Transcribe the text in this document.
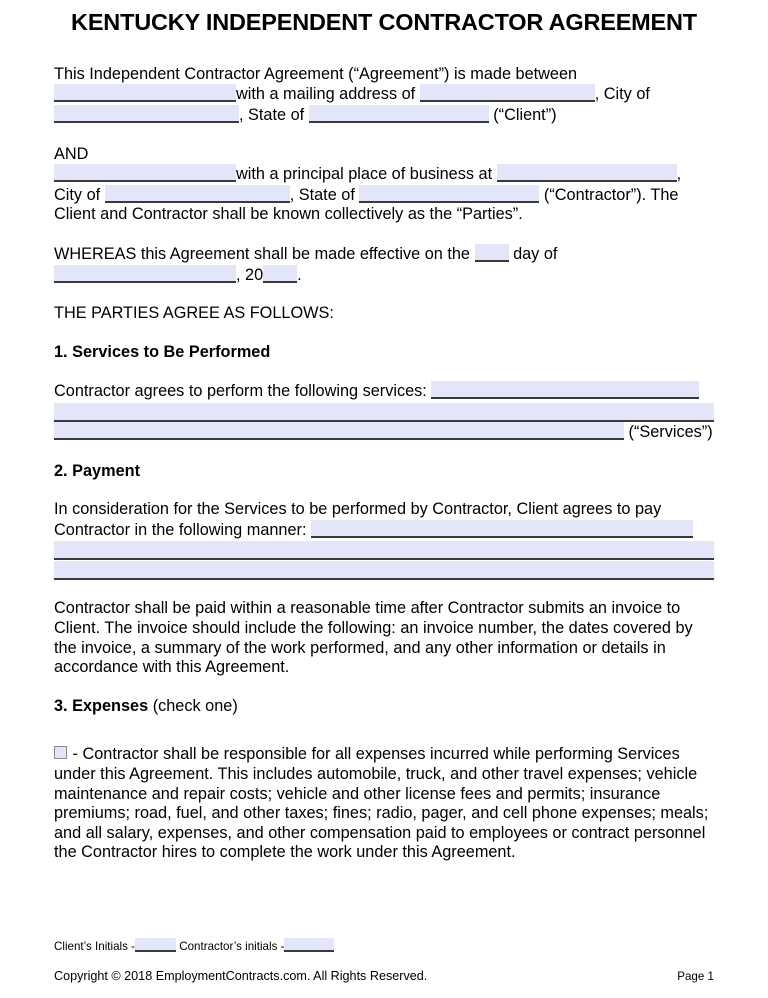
KENTUCKY INDEPENDENT CONTRACTOR AGREEMENT
This Independent Contractor Agreement (“Agreement”) is made between
with a mailing address of	, City of
, State of	(“Client”)
AND
with a principal place of business at	,
City of	, State of	(“Contractor”). The
Client and Contractor shall be known collectively as the “Parties”.
WHEREAS this Agreement shall be made effective on the	day of
, 20 .
THE PARTIES AGREE AS FOLLOWS:
1. Services to Be Performed
Contractor agrees to perform the following services:
(“Services”)
2. Payment
In consideration for the Services to be performed by Contractor, Client agrees to pay
Contractor in the following manner:

Contractor shall be paid within a reasonable time after Contractor submits an invoice to Client. The invoice should include the following: an invoice number, the dates covered by the invoice, a summary of the work performed, and any other information or details in accordance with this Agreement.

3. Expenses (check one)

- Contractor shall be responsible for all expenses incurred while performing Services under this Agreement. This includes automobile, truck, and other travel expenses; vehicle maintenance and repair costs; vehicle and other license fees and permits; insurance premiums; road, fuel, and other taxes; fines; radio, pager, and cell phone expenses; meals; and all salary, expenses, and other compensation paid to employees or contract personnel the Contractor hires to complete the work under this Agreement.

Client’s Initials -	Contractor’s initials -
Copyright © 2018 EmploymentContracts.com. All Rights Reserved.	Page 1
